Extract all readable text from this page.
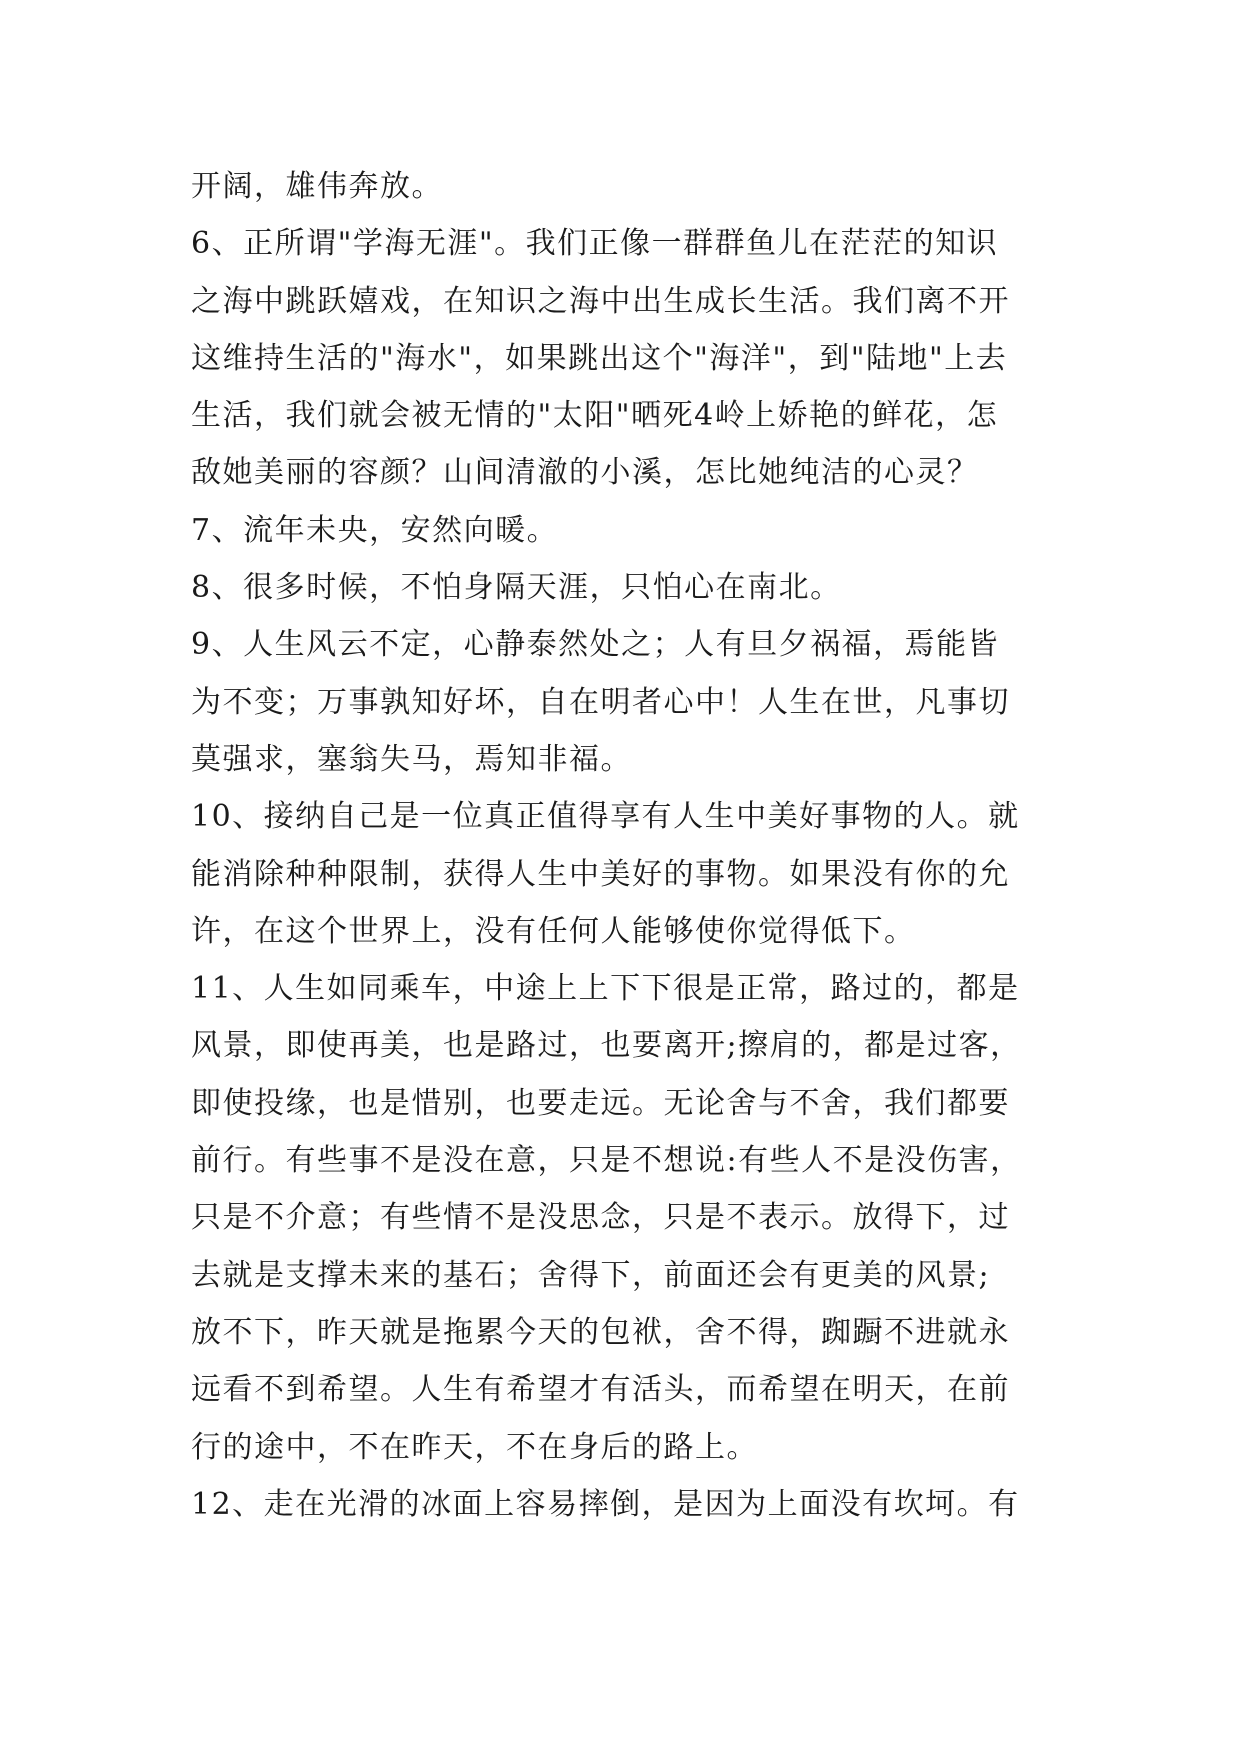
开阔，雄伟奔放。
6、正所谓"学海无涯"。我们正像一群群鱼儿在茫茫的知识
之海中跳跃嬉戏，在知识之海中出生成长生活。我们离不开
这维持生活的"海水"，如果跳出这个"海洋"，到"陆地"上去
生活，我们就会被无情的"太阳"晒死4岭上娇艳的鲜花，怎
敌她美丽的容颜？山间清澈的小溪，怎比她纯洁的心灵？
7、流年未央，安然向暖。
8、很多时候，不怕身隔天涯，只怕心在南北。
9、人生风云不定，心静泰然处之；人有旦夕祸福，焉能皆
为不变；万事孰知好坏，自在明者心中！人生在世，凡事切
莫强求，塞翁失马，焉知非福。
10、接纳自己是一位真正值得享有人生中美好事物的人。就
能消除种种限制，获得人生中美好的事物。如果没有你的允
许，在这个世界上，没有任何人能够使你觉得低下。
11、人生如同乘车，中途上上下下很是正常，路过的，都是
风景，即使再美，也是路过，也要离开;擦肩的，都是过客，
即使投缘，也是惜别，也要走远。无论舍与不舍，我们都要
前行。有些事不是没在意，只是不想说:有些人不是没伤害，
只是不介意；有些情不是没思念，只是不表示。放得下，过
去就是支撑未来的基石；舍得下，前面还会有更美的风景;
放不下，昨天就是拖累今天的包袱，舍不得，踟蹰不进就永
远看不到希望。人生有希望才有活头，而希望在明天，在前
行的途中，不在昨天，不在身后的路上。
12、走在光滑的冰面上容易摔倒，是因为上面没有坎坷。有
